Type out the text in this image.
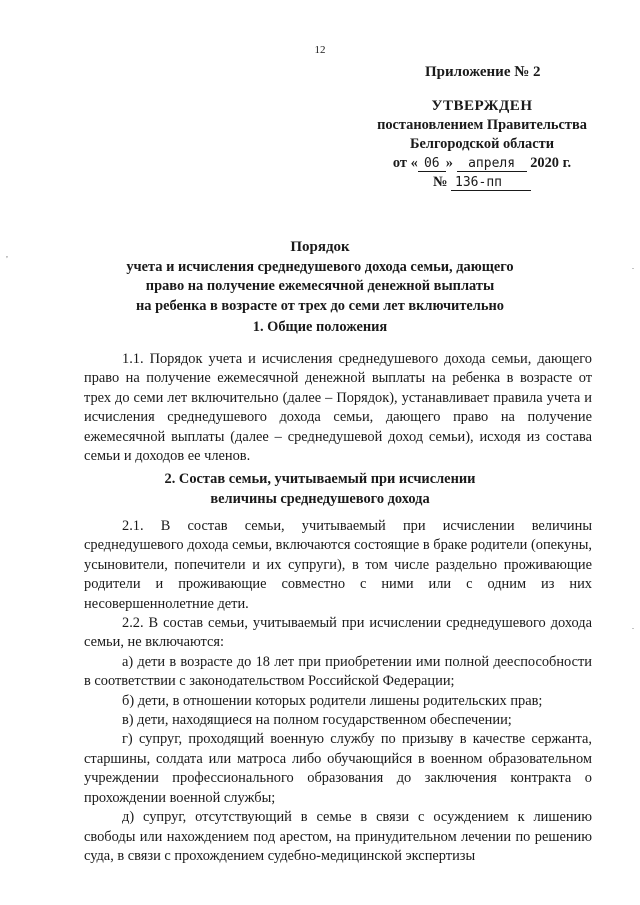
12
Приложение № 2
УТВЕРЖДЕН
постановлением Правительства
Белгородской области
от « 06 » апреля 2020 г.
№ 136-пп
Порядок
учета и исчисления среднедушевого дохода семьи, дающего
право на получение ежемесячной денежной выплаты
на ребенка в возрасте от трех до семи лет включительно
1. Общие положения
1.1. Порядок учета и исчисления среднедушевого дохода семьи, дающего право на получение ежемесячной денежной выплаты на ребенка в возрасте от трех до семи лет включительно (далее – Порядок), устанавливает правила учета и исчисления среднедушевого дохода семьи, дающего право на получение ежемесячной выплаты (далее – среднедушевой доход семьи), исходя из состава семьи и доходов ее членов.
2. Состав семьи, учитываемый при исчислении
величины среднедушевого дохода
2.1. В состав семьи, учитываемый при исчислении величины среднедушевого дохода семьи, включаются состоящие в браке родители (опекуны, усыновители, попечители и их супруги), в том числе раздельно проживающие родители и проживающие совместно с ними или с одним из них несовершеннолетние дети.
2.2. В состав семьи, учитываемый при исчислении среднедушевого дохода семьи, не включаются:
а) дети в возрасте до 18 лет при приобретении ими полной дееспособности в соответствии с законодательством Российской Федерации;
б) дети, в отношении которых родители лишены родительских прав;
в) дети, находящиеся на полном государственном обеспечении;
г) супруг, проходящий военную службу по призыву в качестве сержанта, старшины, солдата или матроса либо обучающийся в военном образовательном учреждении профессионального образования до заключения контракта о прохождении военной службы;
д) супруг, отсутствующий в семье в связи с осуждением к лишению свободы или нахождением под арестом, на принудительном лечении по решению суда, в связи с прохождением судебно-медицинской экспертизы
,
.
.
